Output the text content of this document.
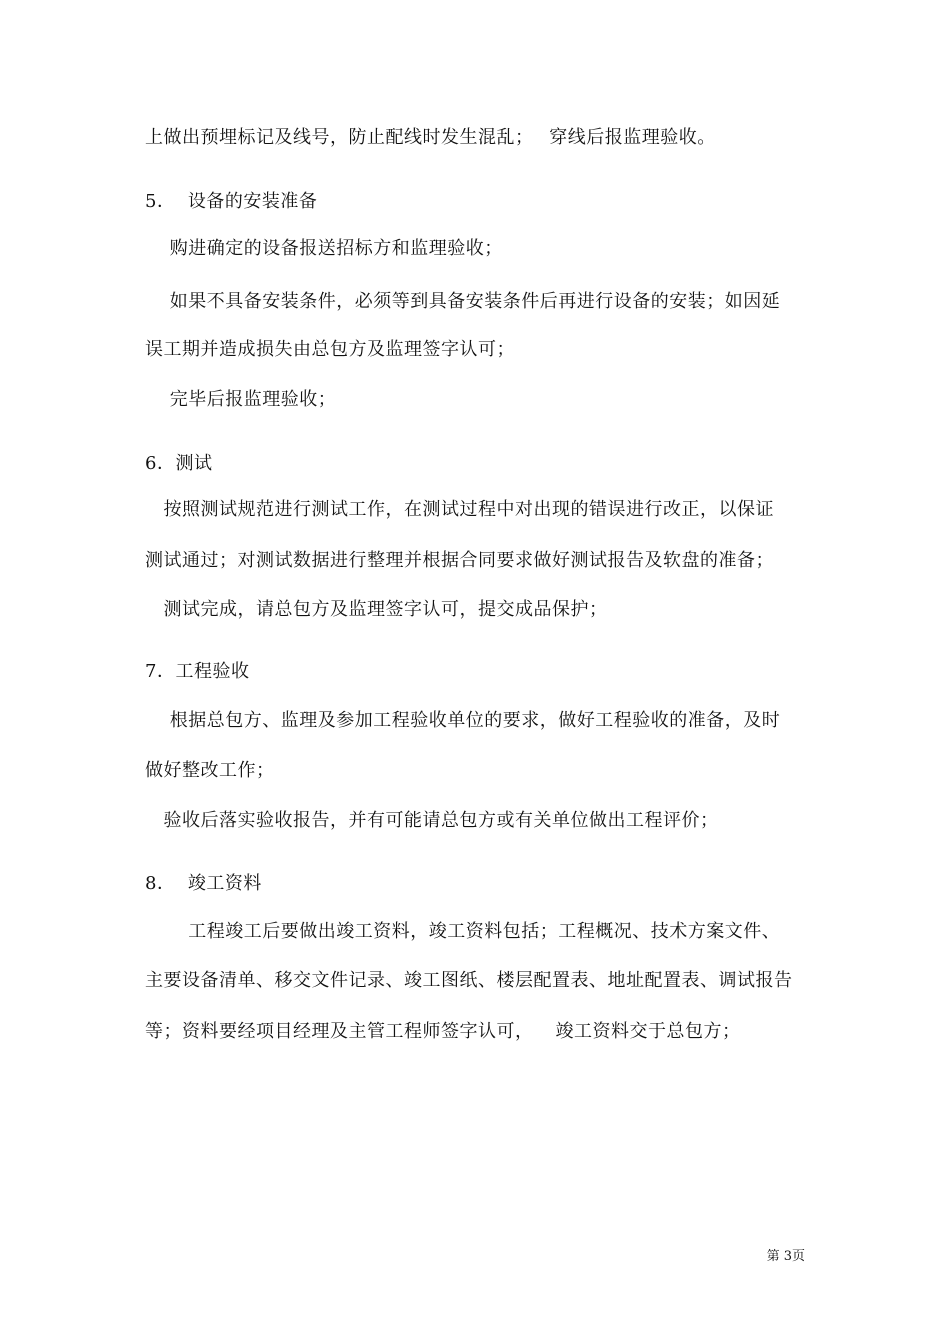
上做出预埋标记及线号，防止配线时发生混乱；　 穿线后报监理验收。
5．  设备的安装准备
　 购进确定的设备报送招标方和监理验收；
　 如果不具备安装条件，必须等到具备安装条件后再进行设备的安装；如因延
误工期并造成损失由总包方及监理签字认可；
　 完毕后报监理验收；
6．测试
　按照测试规范进行测试工作，在测试过程中对出现的错误进行改正，以保证
测试通过；对测试数据进行整理并根据合同要求做好测试报告及软盘的准备；
　测试完成，请总包方及监理签字认可，提交成品保护；
7．工程验收
　 根据总包方、监理及参加工程验收单位的要求，做好工程验收的准备，及时
做好整改工作；
　验收后落实验收报告，并有可能请总包方或有关单位做出工程评价；
8．  竣工资料
　　 工程竣工后要做出竣工资料，竣工资料包括；工程概况、技术方案文件、
主要设备清单、移交文件记录、竣工图纸、楼层配置表、地址配置表、调试报告
等；资料要经项目经理及主管工程师签字认可，　  竣工资料交于总包方；
第 3页
